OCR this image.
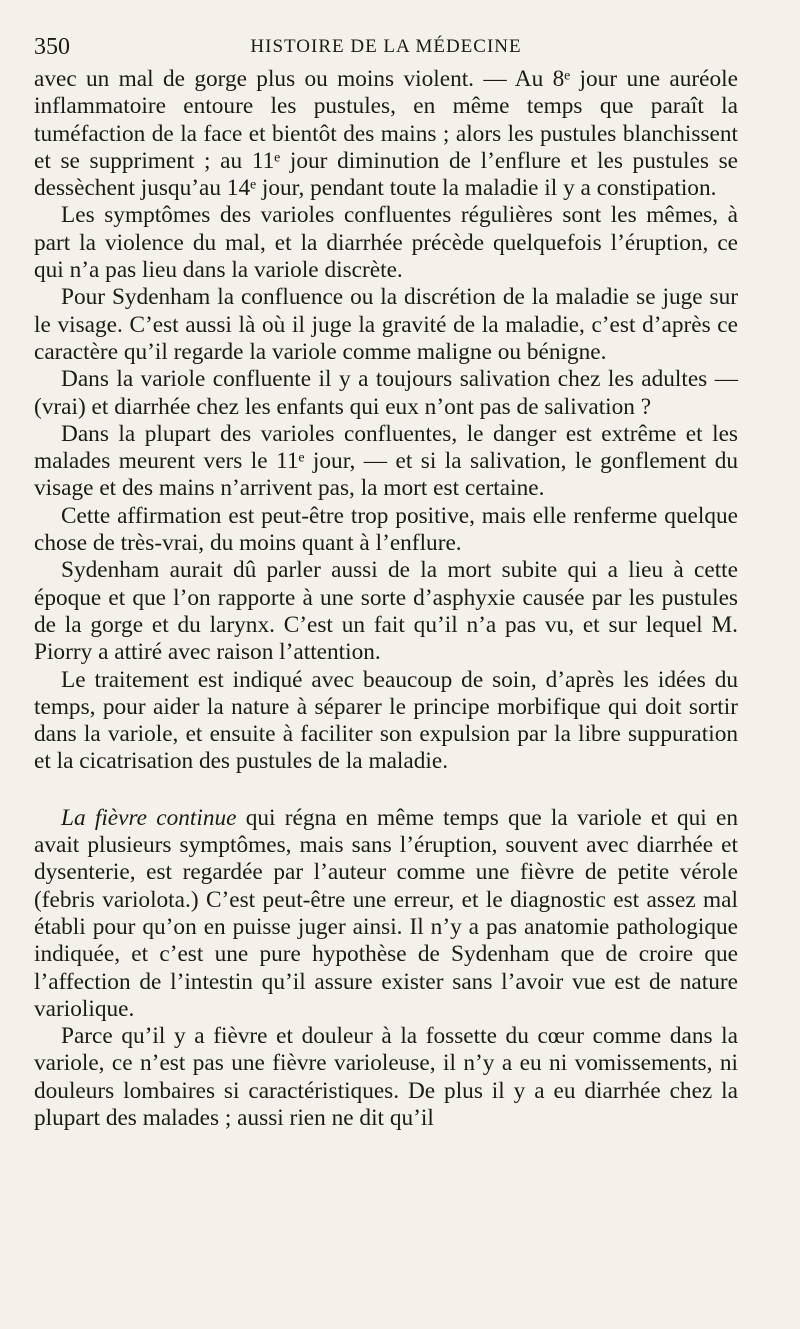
350	HISTOIRE DE LA MÉDECINE

avec un mal de gorge plus ou moins violent. — Au 8ᵉ jour une auréole inflammatoire entoure les pustules, en même temps que paraît la tuméfaction de la face et bientôt des mains ; alors les pustules blanchissent et se suppriment ; au 11ᵉ jour diminution de l’enflure et les pustules se dessèchent jusqu’au 14ᵉ jour, pendant toute la maladie il y a constipation.

Les symptômes des varioles confluentes régulières sont les mêmes, à part la violence du mal, et la diarrhée précède quelquefois l’éruption, ce qui n’a pas lieu dans la variole discrète.

Pour Sydenham la confluence ou la discrétion de la maladie se juge sur le visage. C’est aussi là où il juge la gravité de la maladie, c’est d’après ce caractère qu’il regarde la variole comme maligne ou bénigne.

Dans la variole confluente il y a toujours salivation chez les adultes — (vrai) et diarrhée chez les enfants qui eux n’ont pas de salivation ?

Dans la plupart des varioles confluentes, le danger est extrême et les malades meurent vers le 11ᵉ jour, — et si la salivation, le gonflement du visage et des mains n’arrivent pas, la mort est certaine.

Cette affirmation est peut-être trop positive, mais elle renferme quelque chose de très-vrai, du moins quant à l’enflure.

Sydenham aurait dû parler aussi de la mort subite qui a lieu à cette époque et que l’on rapporte à une sorte d’asphyxie causée par les pustules de la gorge et du larynx. C’est un fait qu’il n’a pas vu, et sur lequel M. Piorry a attiré avec raison l’attention.

Le traitement est indiqué avec beaucoup de soin, d’après les idées du temps, pour aider la nature à séparer le principe morbifique qui doit sortir dans la variole, et ensuite à faciliter son expulsion par la libre suppuration et la cicatrisation des pustules de la maladie.

La fièvre continue qui régna en même temps que la variole et qui en avait plusieurs symptômes, mais sans l’éruption, souvent avec diarrhée et dysenterie, est regardée par l’auteur comme une fièvre de petite vérole (febris variolota.) C’est peut-être une erreur, et le diagnostic est assez mal établi pour qu’on en puisse juger ainsi. Il n’y a pas anatomie pathologique indiquée, et c’est une pure hypothèse de Sydenham que de croire que l’affection de l’intestin qu’il assure exister sans l’avoir vue est de nature variolique.

Parce qu’il y a fièvre et douleur à la fossette du cœur comme dans la variole, ce n’est pas une fièvre varioleuse, il n’y a eu ni vomissements, ni douleurs lombaires si caractéristiques. De plus il y a eu diarrhée chez la plupart des malades ; aussi rien ne dit qu’il
